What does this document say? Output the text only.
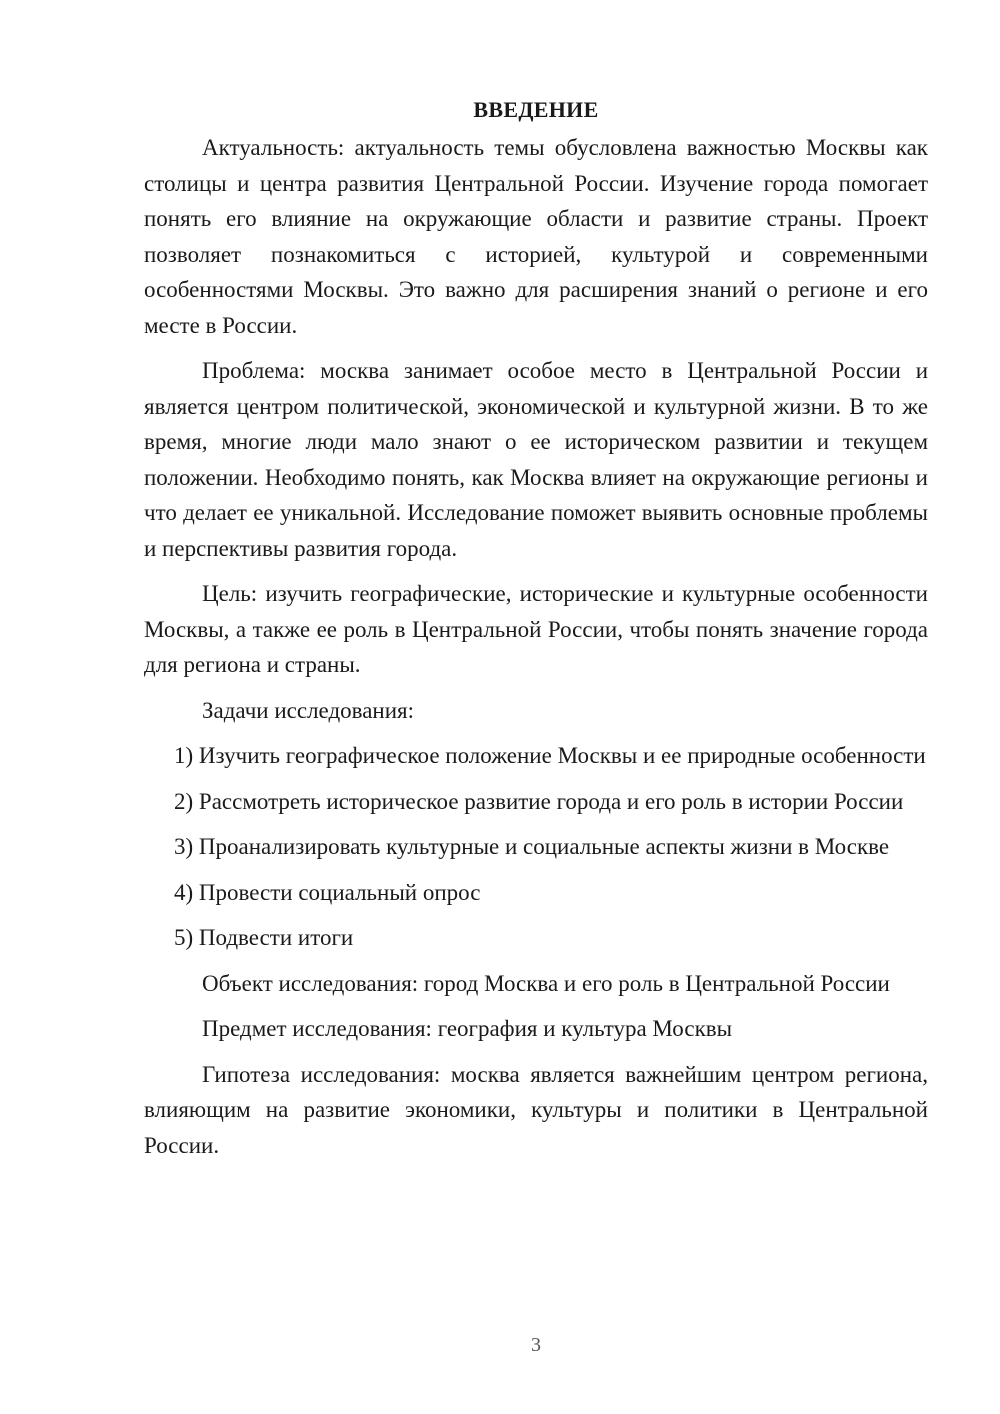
ВВЕДЕНИЕ

Актуальность: актуальность темы обусловлена важностью Москвы как столицы и центра развития Центральной России. Изучение города помогает понять его влияние на окружающие области и развитие страны. Проект позволяет познакомиться с историей, культурой и современными особенностями Москвы. Это важно для расширения знаний о регионе и его месте в России.

Проблема: москва занимает особое место в Центральной России и является центром политической, экономической и культурной жизни. В то же время, многие люди мало знают о ее историческом развитии и текущем положении. Необходимо понять, как Москва влияет на окружающие регионы и что делает ее уникальной. Исследование поможет выявить основные проблемы и перспективы развития города.

Цель: изучить географические, исторические и культурные особенности Москвы, а также ее роль в Центральной России, чтобы понять значение города для региона и страны.

Задачи исследования:

1) Изучить географическое положение Москвы и ее природные особенности

2) Рассмотреть историческое развитие города и его роль в истории России

3) Проанализировать культурные и социальные аспекты жизни в Москве

4) Провести социальный опрос

5) Подвести итоги

Объект исследования: город Москва и его роль в Центральной России

Предмет исследования: география и культура Москвы

Гипотеза исследования: москва является важнейшим центром региона, влияющим на развитие экономики, культуры и политики в Центральной России.

3
